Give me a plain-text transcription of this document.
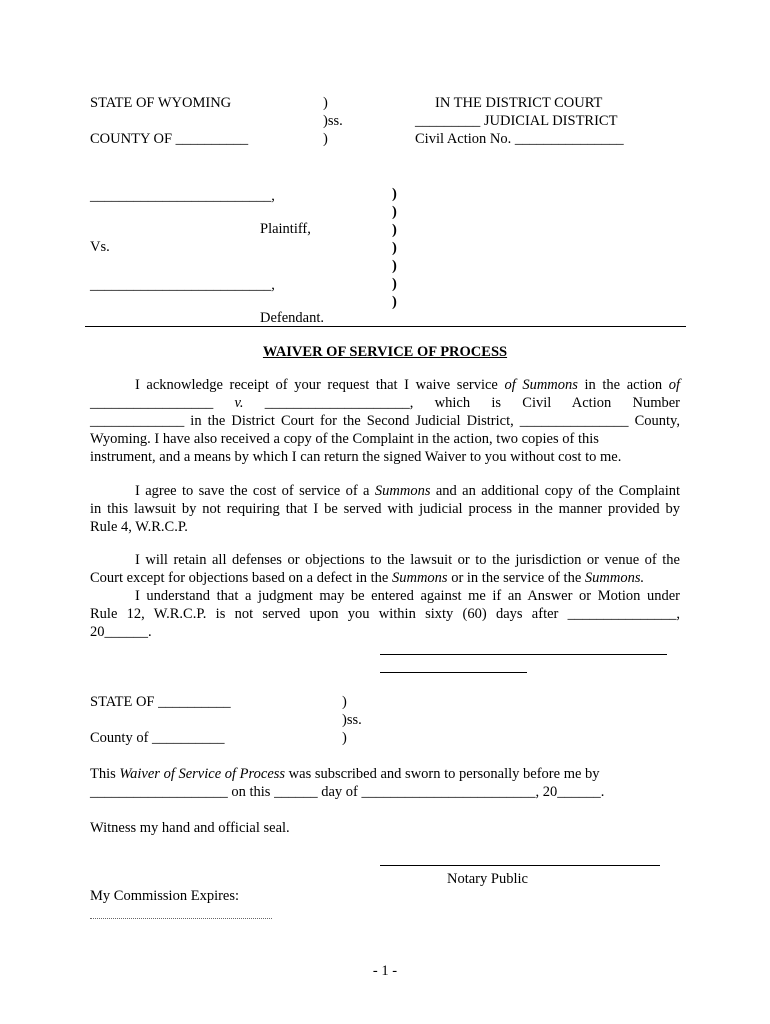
STATE OF WYOMING
COUNTY OF __________
)
)ss.
)
IN THE DISTRICT COURT
_________ JUDICIAL DISTRICT
Civil Action No. _______________
_________________________,
Plaintiff,
Vs.
_________________________,
Defendant.
)
)
)
)
)
)
)
WAIVER OF SERVICE OF PROCESS
I acknowledge receipt of your request that I waive service of Summons in the action of
_________________ v. ____________________, which is Civil Action Number
_____________ in the District Court for the Second Judicial District, _______________ County,
Wyoming. I have also received a copy of the Complaint in the action, two copies of this
instrument, and a means by which I can return the signed Waiver to you without cost to me.
I agree to save the cost of service of a Summons and an additional copy of the Complaint
in this lawsuit by not requiring that I be served with judicial process in the manner provided by
Rule 4, W.R.C.P.
I will retain all defenses or objections to the lawsuit or to the jurisdiction or venue of the
Court except for objections based on a defect in the Summons or in the service of the Summons.
I understand that a judgment may be entered against me if an Answer or Motion under
Rule 12, W.R.C.P. is not served upon you within sixty (60) days after _______________,
20______.
STATE OF __________
County of __________
)
)ss.
)
This Waiver of Service of Process was subscribed and sworn to personally before me by
___________________ on this ______ day of ________________________, 20______.
Witness my hand and official seal.
Notary Public
My Commission Expires:
- 1 -
